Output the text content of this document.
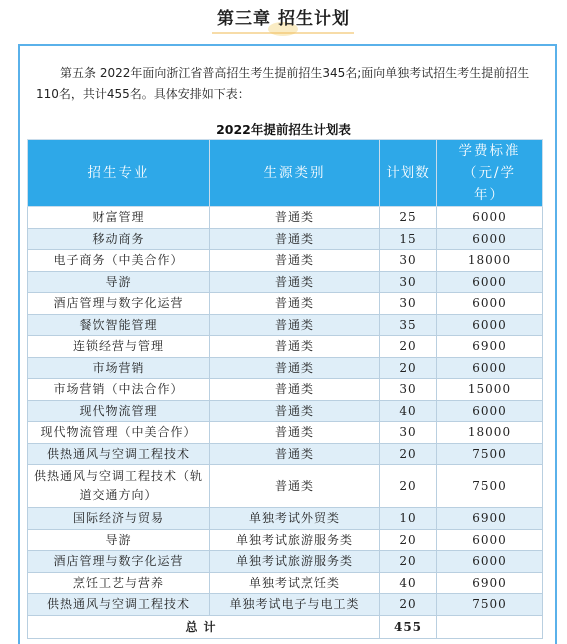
第三章 招生计划
第五条 2022年面向浙江省普高招生考生提前招生345名;面向单独考试招生考生提前招生110名，共计455名。具体安排如下表：
2022年提前招生计划表
招生专业	生源类别	计划数	学费标准（元/学年）

财富管理	普通类	25	6000
移动商务	普通类	15	6000
电子商务（中美合作）	普通类	30	18000
导游	普通类	30	6000
酒店管理与数字化运营	普通类	30	6000
餐饮智能管理	普通类	35	6000
连锁经营与管理	普通类	20	6900
市场营销	普通类	20	6000
市场营销（中法合作）	普通类	30	15000
现代物流管理	普通类	40	6000
现代物流管理（中美合作）	普通类	30	18000
供热通风与空调工程技术	普通类	20	7500
供热通风与空调工程技术（轨道交通方向）	普通类	20	7500
国际经济与贸易	单独考试外贸类	10	6900
导游	单独考试旅游服务类	20	6000
酒店管理与数字化运营	单独考试旅游服务类	20	6000
烹饪工艺与营养	单独考试烹饪类	40	6900
供热通风与空调工程技术	单独考试电子与电工类	20	7500
总计		455	
